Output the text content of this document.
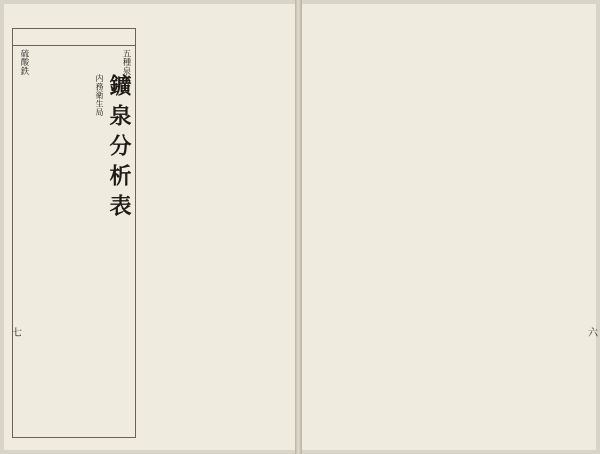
五種泉名
硫酸鉄
鑛泉分析表
内務衛生局
七	六
